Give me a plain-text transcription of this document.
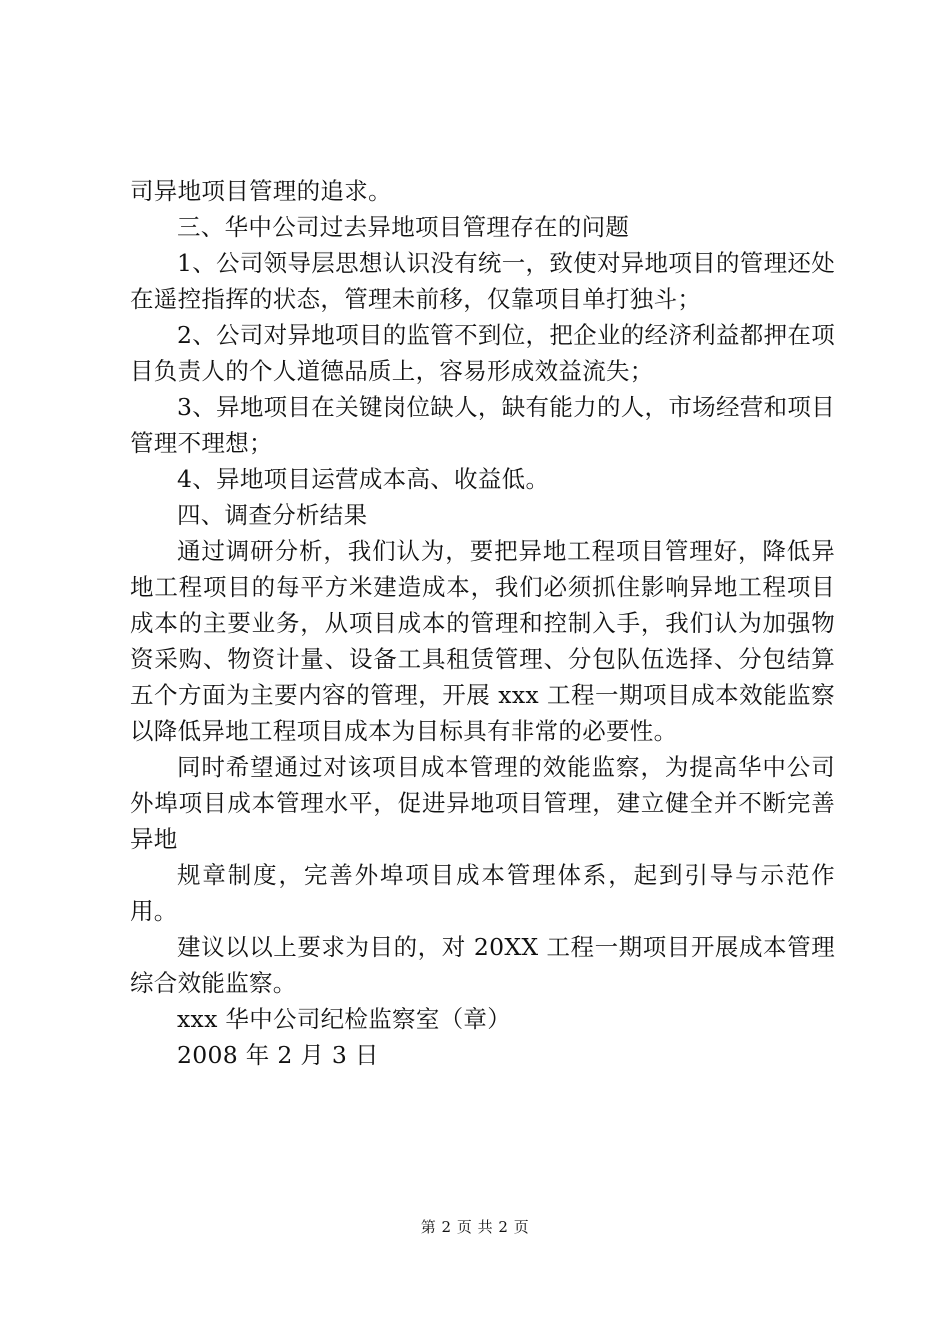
司异地项目管理的追求。

三、华中公司过去异地项目管理存在的问题

1、公司领导层思想认识没有统一，致使对异地项目的管理还处在遥控指挥的状态，管理未前移，仅靠项目单打独斗；

2、公司对异地项目的监管不到位，把企业的经济利益都押在项目负责人的个人道德品质上，容易形成效益流失；

3、异地项目在关键岗位缺人，缺有能力的人，市场经营和项目管理不理想；

4、异地项目运营成本高、收益低。

四、调查分析结果

通过调研分析，我们认为，要把异地工程项目管理好，降低异地工程项目的每平方米建造成本，我们必须抓住影响异地工程项目成本的主要业务，从项目成本的管理和控制入手，我们认为加强物资采购、物资计量、设备工具租赁管理、分包队伍选择、分包结算五个方面为主要内容的管理，开展 xxx 工程一期项目成本效能监察以降低异地工程项目成本为目标具有非常的必要性。

同时希望通过对该项目成本管理的效能监察，为提高华中公司外埠项目成本管理水平，促进异地项目管理，建立健全并不断完善异地

规章制度，完善外埠项目成本管理体系，起到引导与示范作用。

建议以以上要求为目的，对 20XX 工程一期项目开展成本管理综合效能监察。

xxx 华中公司纪检监察室（章）

2008 年 2 月 3 日

第 2 页 共 2 页
